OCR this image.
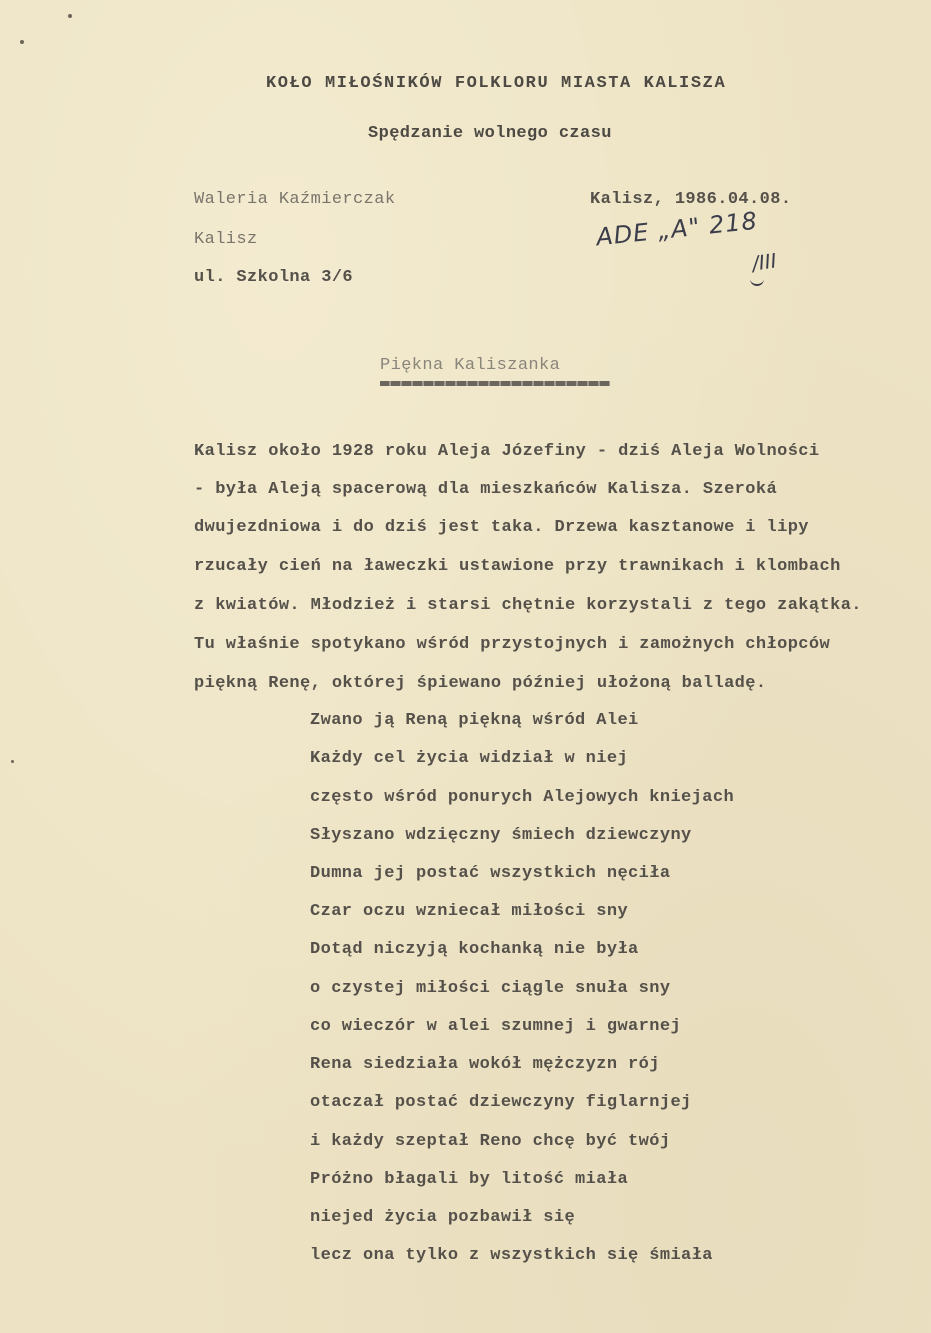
KOŁO MIŁOŚNIKÓW FOLKLORU MIASTA KALISZA
Spędzanie wolnego czasu
Waleria Kaźmierczak
Kalisz
ul. Szkolna 3/6
Kalisz, 1986.04.08.
ADE „A" 218
/III
Piękna Kaliszanka
Kalisz około 1928 roku Aleja Józefiny - dziś Aleja Wolności
- była Aleją spacerową dla mieszkańców Kalisza. Szeroká
dwujezdniowa i do dziś jest taka. Drzewa kasztanowe i lipy
rzucały cień na ławeczki ustawione przy trawnikach i klombach
z kwiatów. Młodzież i starsi chętnie korzystali z tego zakątka.
Tu właśnie spotykano wśród przystojnych i zamożnych chłopców
piękną Renę, októrej śpiewano później ułożoną balladę.
Zwano ją Reną piękną wśród Alei
Każdy cel życia widział w niej
często wśród ponurych Alejowych kniejach
Słyszano wdzięczny śmiech dziewczyny
Dumna jej postać wszystkich nęciła
Czar oczu wzniecał miłości sny
Dotąd niczyją kochanką nie była
o czystej miłości ciągle snuła sny
co wieczór w alei szumnej i gwarnej
Rena siedziała wokół mężczyzn rój
otaczał postać dziewczyny figlarnjej
i każdy szeptał Reno chcę być twój
Próżno błagali by litość miała
niejed życia pozbawił się
lecz ona tylko z wszystkich się śmiała
